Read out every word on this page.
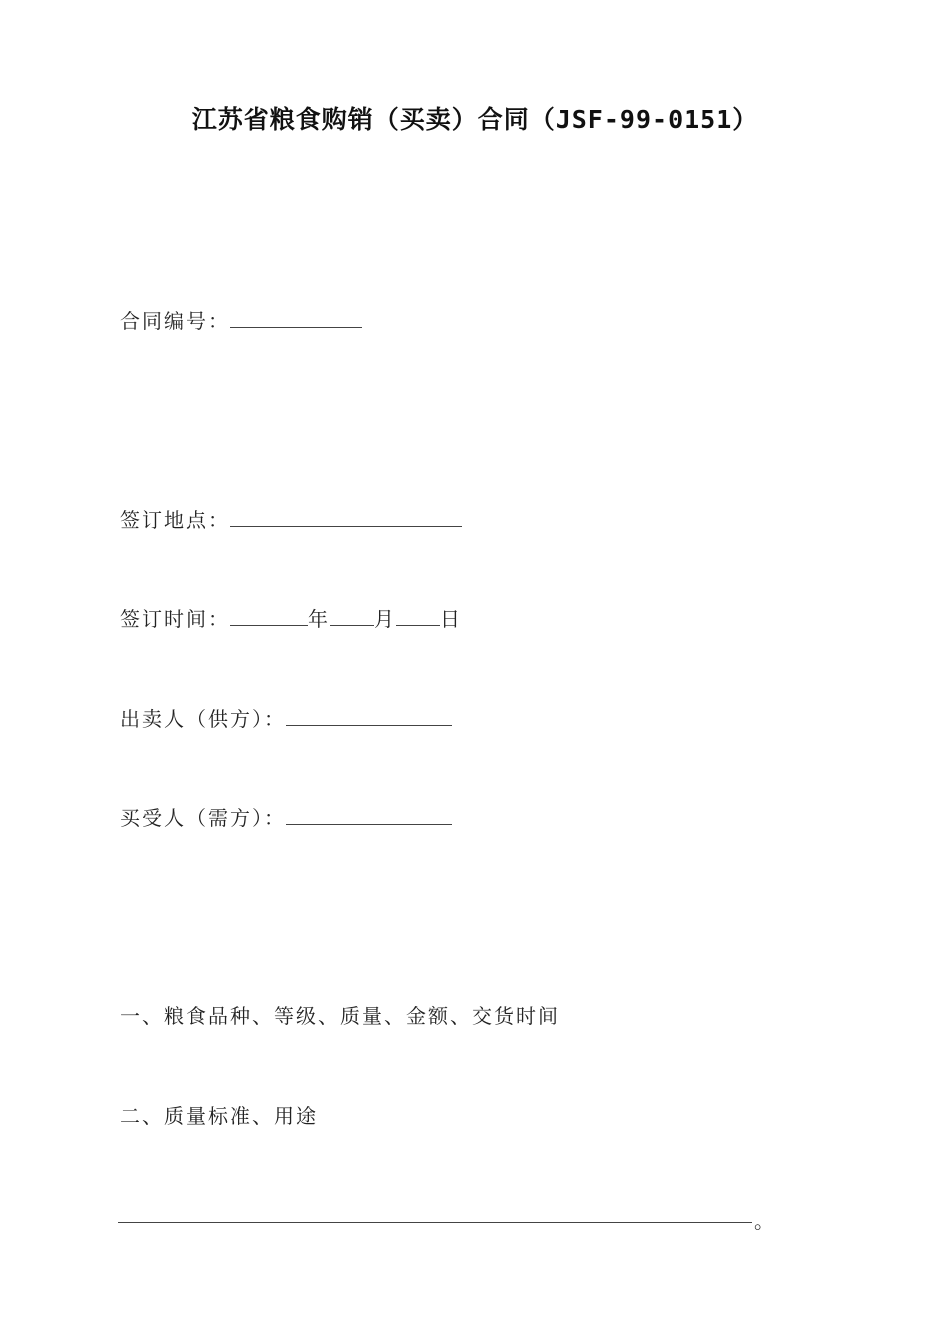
江苏省粮食购销（买卖）合同（JSF-99-0151）
合同编号：
签订地点：
签订时间：	年 月 日
出卖人（供方）：
买受人（需方）：
一、粮食品种、等级、质量、金额、交货时间
二、质量标准、用途
。
